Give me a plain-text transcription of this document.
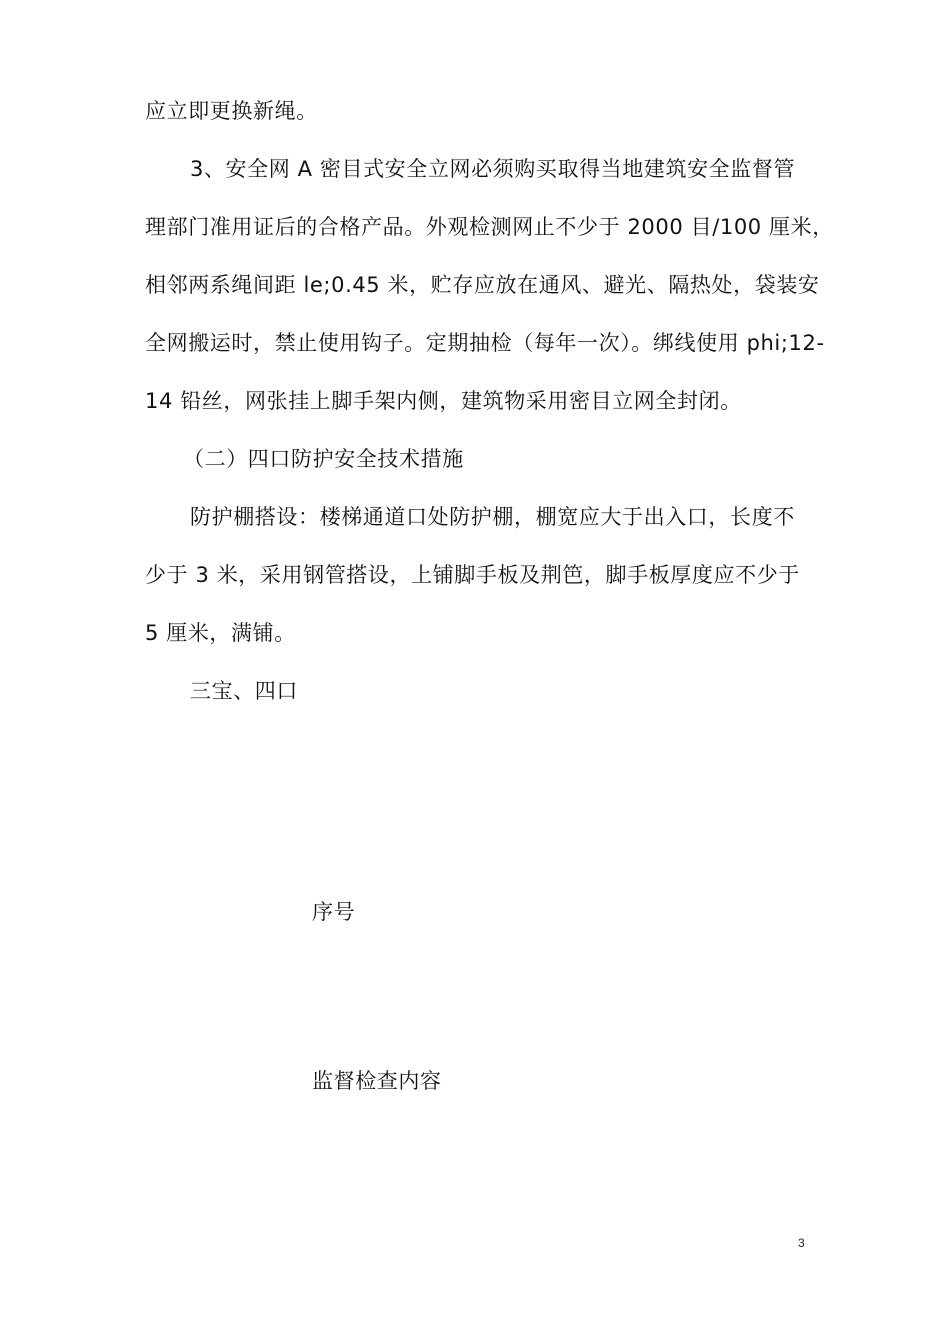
应立即更换新绳。
3、安全网 A 密目式安全立网必须购买取得当地建筑安全监督管
理部门准用证后的合格产品。外观检测网止不少于 2000 目/100 厘米，
相邻两系绳间距 le;0.45 米，贮存应放在通风、避光、隔热处，袋装安
全网搬运时，禁止使用钩子。定期抽检（每年一次）。绑线使用 phi;12-
14 铅丝，网张挂上脚手架内侧，建筑物采用密目立网全封闭。
（二）四口防护安全技术措施
防护棚搭设：楼梯通道口处防护棚，棚宽应大于出入口，长度不
少于 3 米，采用钢管搭设，上铺脚手板及荆笆，脚手板厚度应不少于
5 厘米，满铺。
三宝、四口
序号
监督检查内容
3
